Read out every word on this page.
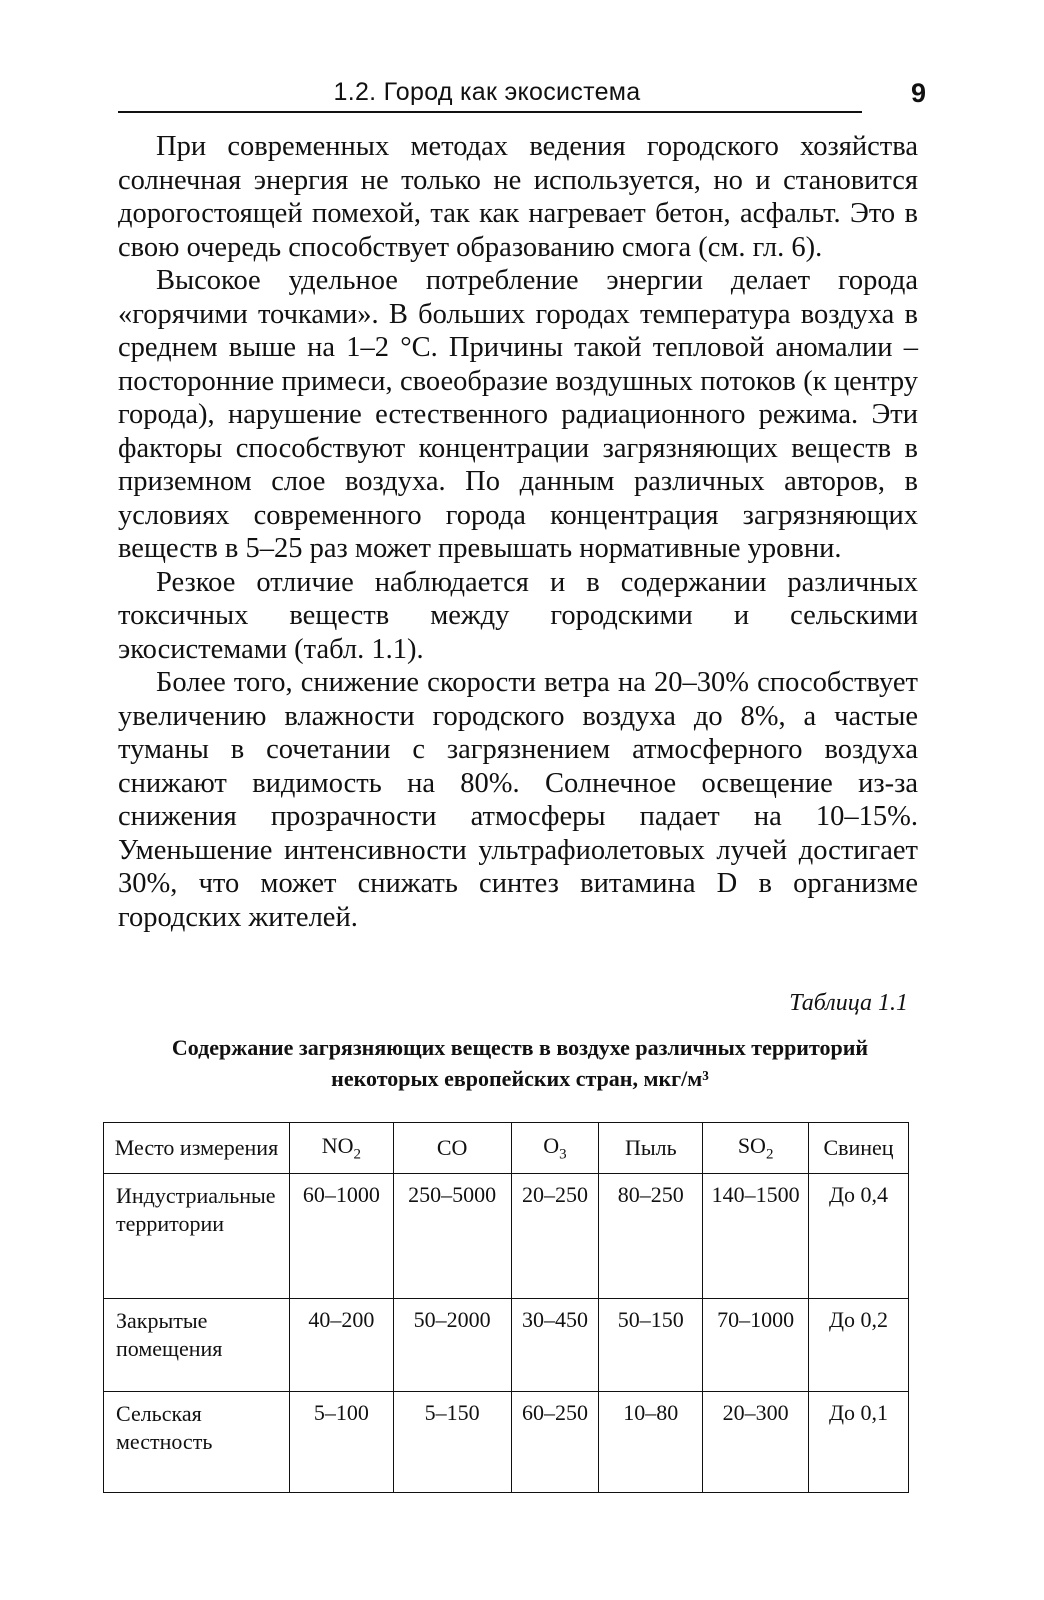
1.2. Город как экосистема	9

При современных методах ведения городского хозяйства солнечная энергия не только не используется, но и становится дорогостоящей помехой, так как нагревает бетон, асфальт. Это в свою очередь способствует образованию смога (см. гл. 6).

Высокое удельное потребление энергии делает города «горячими точками». В больших городах температура воздуха в среднем выше на 1–2 °С. Причины такой тепловой аномалии – посторонние примеси, своеобразие воздушных потоков (к центру города), нарушение естественного радиационного режима. Эти факторы способствуют концентрации загрязняющих веществ в приземном слое воздуха. По данным различных авторов, в условиях современного города концентрация загрязняющих веществ в 5–25 раз может превышать нормативные уровни.

Резкое отличие наблюдается и в содержании различных токсичных веществ между городскими и сельскими экосистемами (табл. 1.1).

Более того, снижение скорости ветра на 20–30% способствует увеличению влажности городского воздуха до 8%, а частые туманы в сочетании с загрязнением атмосферного воздуха снижают видимость на 80%. Солнечное освещение из-за снижения прозрачности атмосферы падает на 10–15%. Уменьшение интенсивности ультрафиолетовых лучей достигает 30%, что может снижать синтез витамина D в организме городских жителей.

Таблица 1.1
Содержание загрязняющих веществ в воздухе различных территорий
некоторых европейских стран, мкг/м³
Место измерения	$NO_2$	CO	$O_3$	Пыль	$SO_2$	Свинец
Индустриальные территории	60–1000	250–5000	20–250	80–250	140–1500	До 0,4
Закрытые помещения	40–200	50–2000	30–450	50–150	70–1000	До 0,2
Сельская местность	5–100	5–150	60–250	10–80	20–300	До 0,1
